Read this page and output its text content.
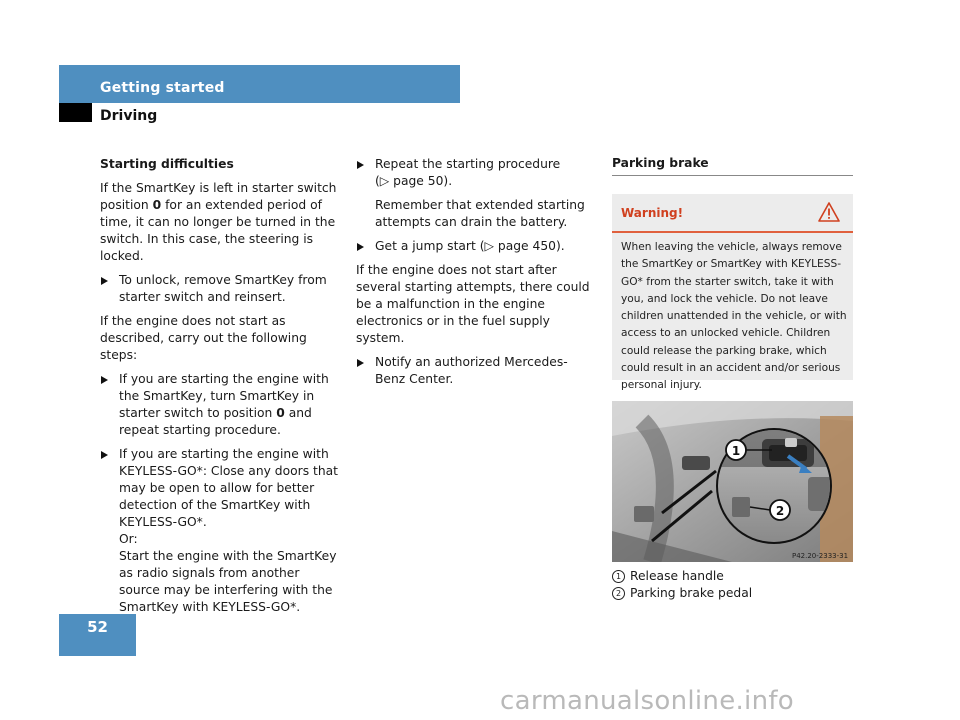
Getting started
Driving
Starting difficulties

If the SmartKey is left in starter switch position 0 for an extended period of time, it can no longer be turned in the switch. In this case, the steering is locked.

To unlock, remove SmartKey from starter switch and reinsert.

If the engine does not start as described, carry out the following steps:

If you are starting the engine with the SmartKey, turn SmartKey in starter switch to position 0 and repeat starting procedure.
If you are starting the engine with KEYLESS-GO*: Close any doors that may be open to allow for better detection of the SmartKey with KEYLESS-GO*.
Or:
Start the engine with the SmartKey as radio signals from another source may be interfering with the SmartKey with KEYLESS-GO*.
Repeat the starting procedure
(▷ page 50).

Remember that extended starting attempts can drain the battery.

Get a jump start (▷ page 450).

If the engine does not start after several starting attempts, there could be a malfunction in the engine electronics or in the fuel supply system.

Notify an authorized Mercedes-Benz Center.
Parking brake
Warning!

When leaving the vehicle, always remove the SmartKey or SmartKey with KEYLESS-GO* from the starter switch, take it with you, and lock the vehicle. Do not leave children unattended in the vehicle, or with access to an unlocked vehicle. Children could release the parking brake, which could result in an accident and/or serious personal injury.

1
2
P42.20-2333-31
1 Release handle
2 Parking brake pedal
52
carmanualsonline.info
